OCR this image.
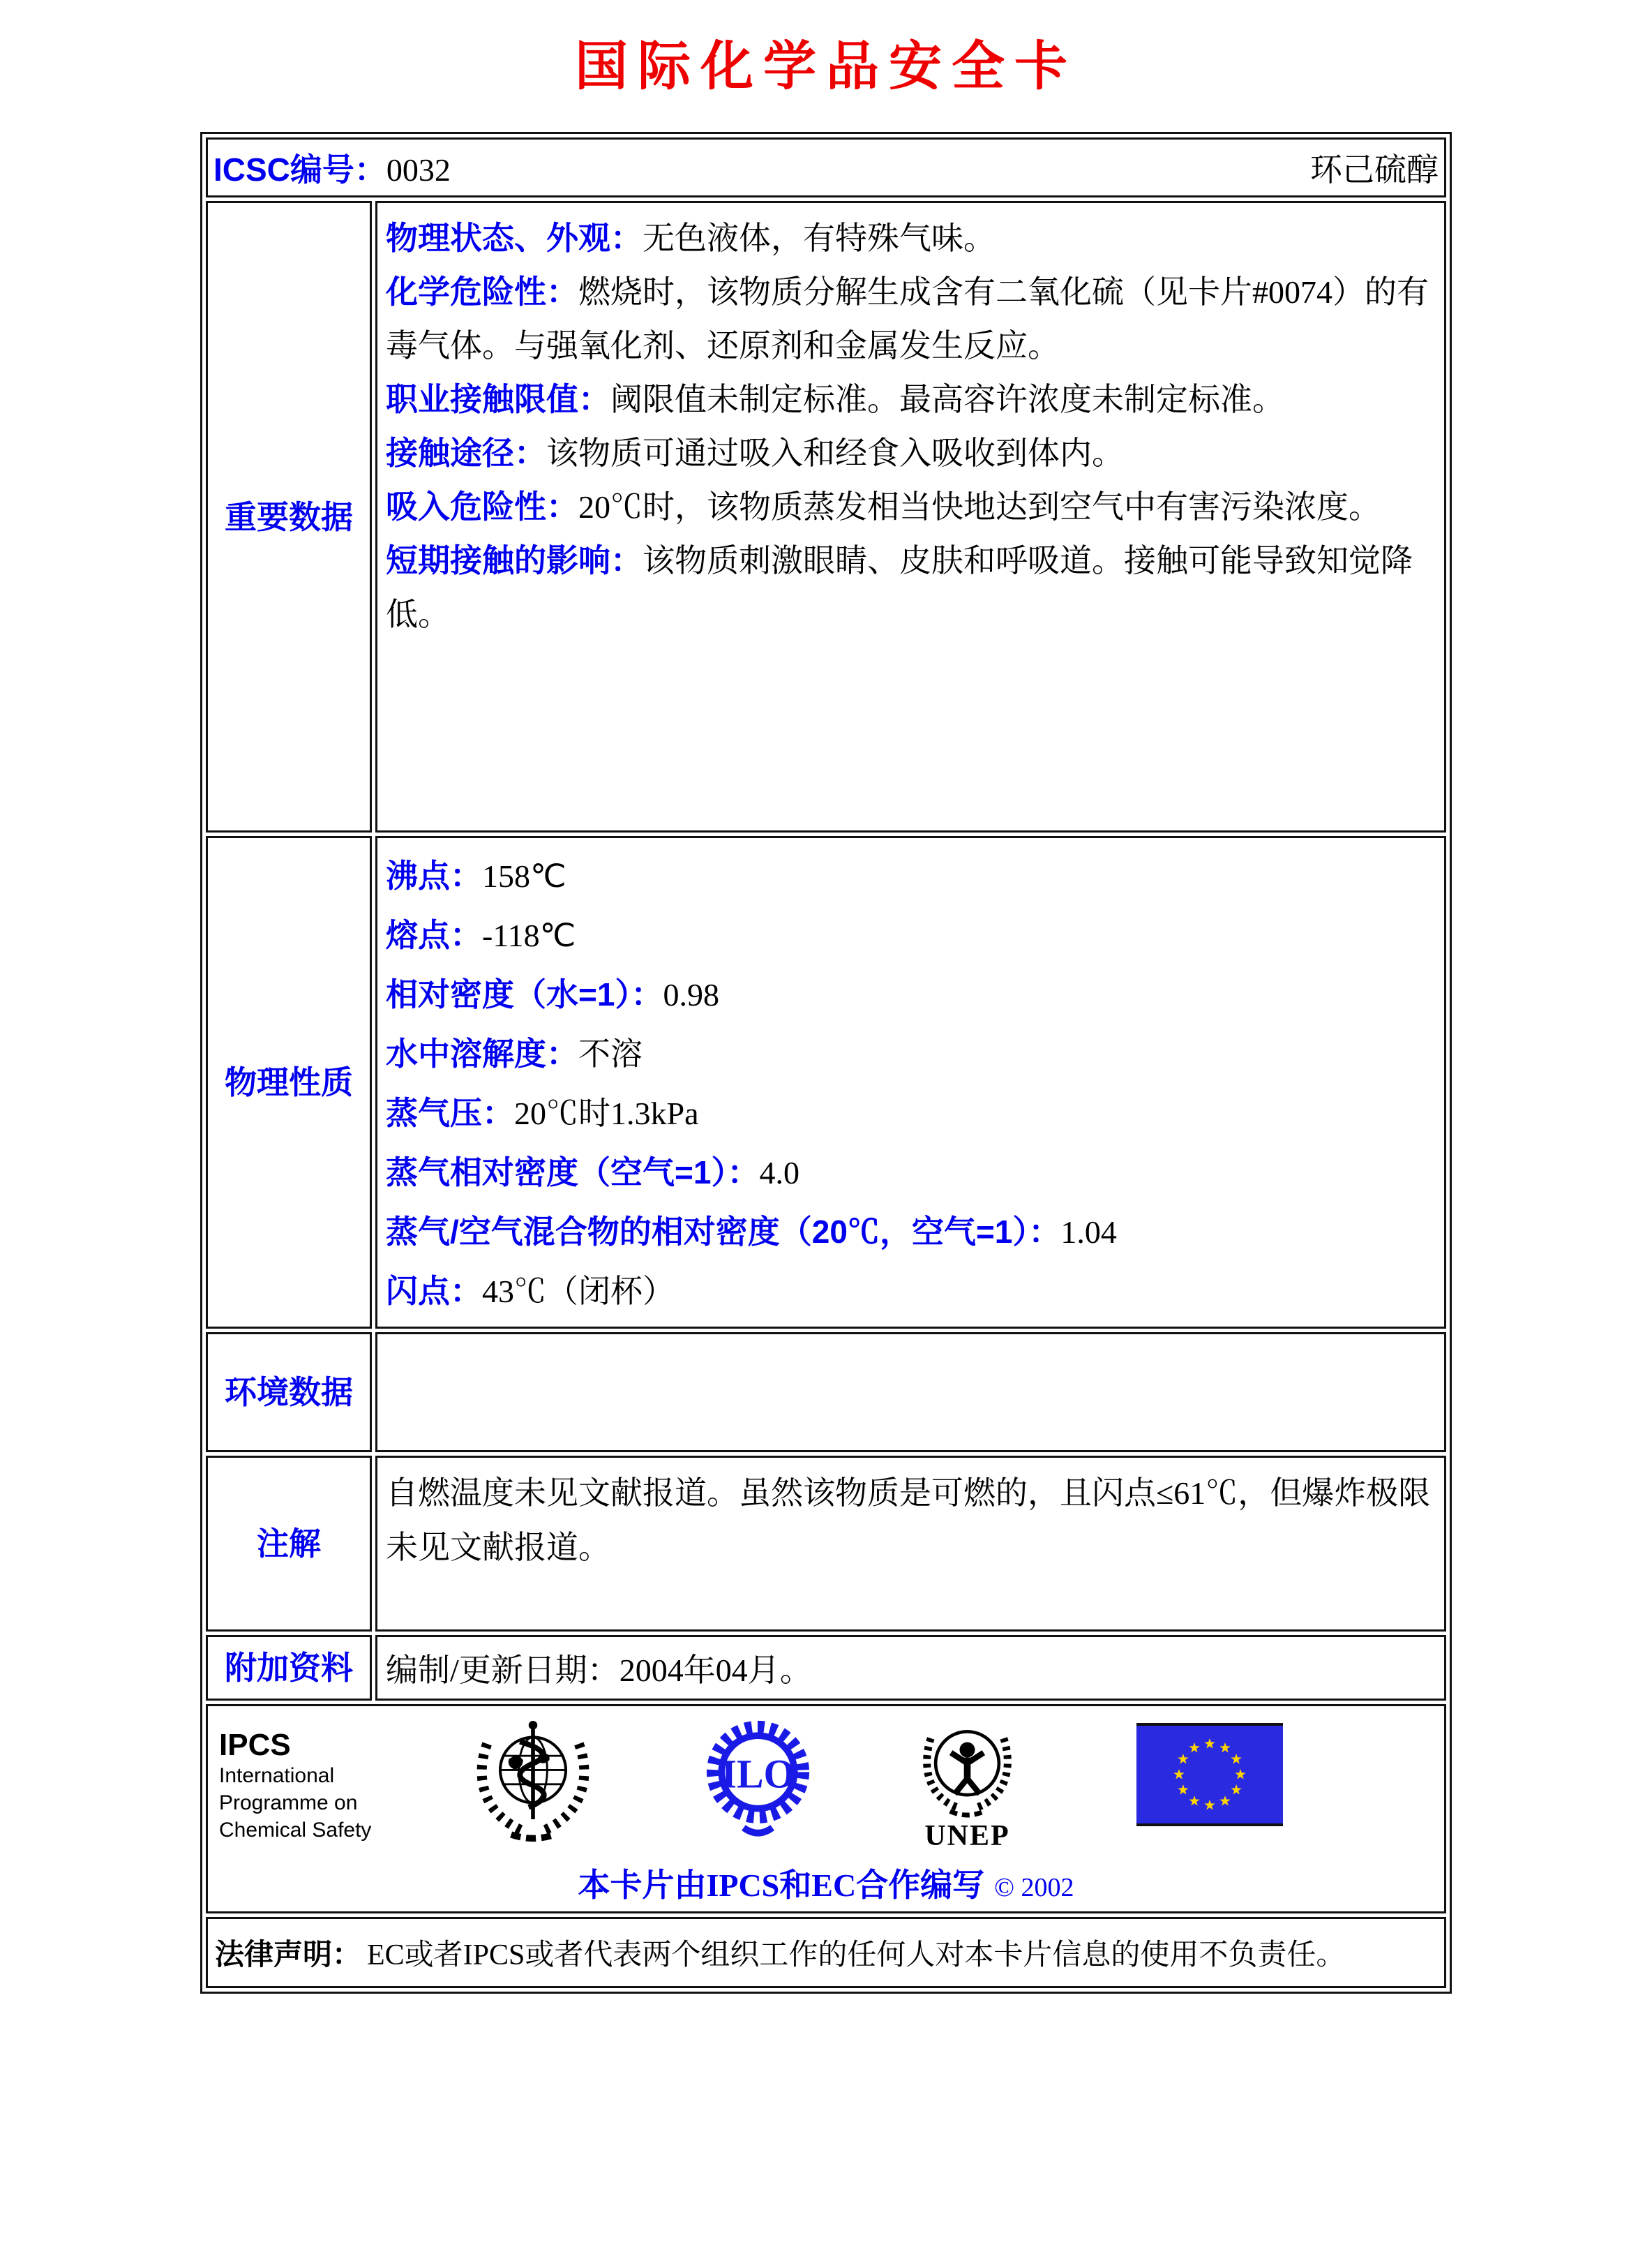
国际化学品安全卡
ICSC编号：0032	环己硫醇
重要数据

物理状态、外观：无色液体，有特殊气味。

化学危险性：燃烧时，该物质分解生成含有二氧化硫（见卡片#0074）的有毒气体。与强氧化剂、还原剂和金属发生反应。

职业接触限值：阈限值未制定标准。最高容许浓度未制定标准。

接触途径：该物质可通过吸入和经食入吸收到体内。

吸入危险性：20℃时，该物质蒸发相当快地达到空气中有害污染浓度。

短期接触的影响：该物质刺激眼睛、皮肤和呼吸道。接触可能导致知觉降低。

物理性质

沸点：158℃

熔点：-118℃

相对密度（水=1）：0.98

水中溶解度：不溶

蒸气压：20℃时1.3kPa

蒸气相对密度（空气=1）：4.0

蒸气/空气混合物的相对密度（20℃，空气=1）：1.04

闪点：43℃（闭杯）

环境数据

注解

自燃温度未见文献报道。虽然该物质是可燃的，且闪点≤61℃，但爆炸极限未见文献报道。

附加资料 编制/更新日期：2004年04月。

IPCS
International
Programme on
Chemical Safety
ILO
UNEP
本卡片由IPCS和EC合作编写 © 2002
法律声明： EC或者IPCS或者代表两个组织工作的任何人对本卡片信息的使用不负责任。
